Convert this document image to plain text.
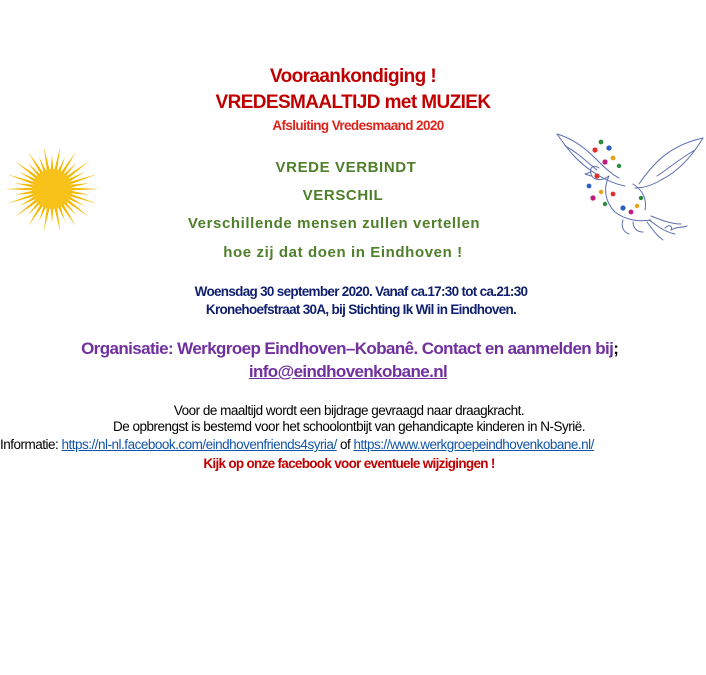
Vooraankondiging !
VREDESMAALTIJD met MUZIEK
Afsluiting Vredesmaand 2020
VREDE VERBINDT
VERSCHIL
Verschillende mensen zullen vertellen
hoe zij dat doen in Eindhoven !
Woensdag 30 september 2020. Vanaf ca.17:30 tot ca.21:30
Kronehoefstraat 30A, bij Stichting Ik Wil in Eindhoven.
Organisatie: Werkgroep Eindhoven–Kobanê. Contact en aanmelden bij;
info@eindhovenkobane.nl
Voor de maaltijd wordt een bijdrage gevraagd naar draagkracht.
De opbrengst is bestemd voor het schoolontbijt van gehandicapte kinderen in N-Syrië.
Informatie: https://nl-nl.facebook.com/eindhovenfriends4syria/ of https://www.werkgroepeindhovenkobane.nl/
Kijk op onze facebook voor eventuele wijzigingen !
